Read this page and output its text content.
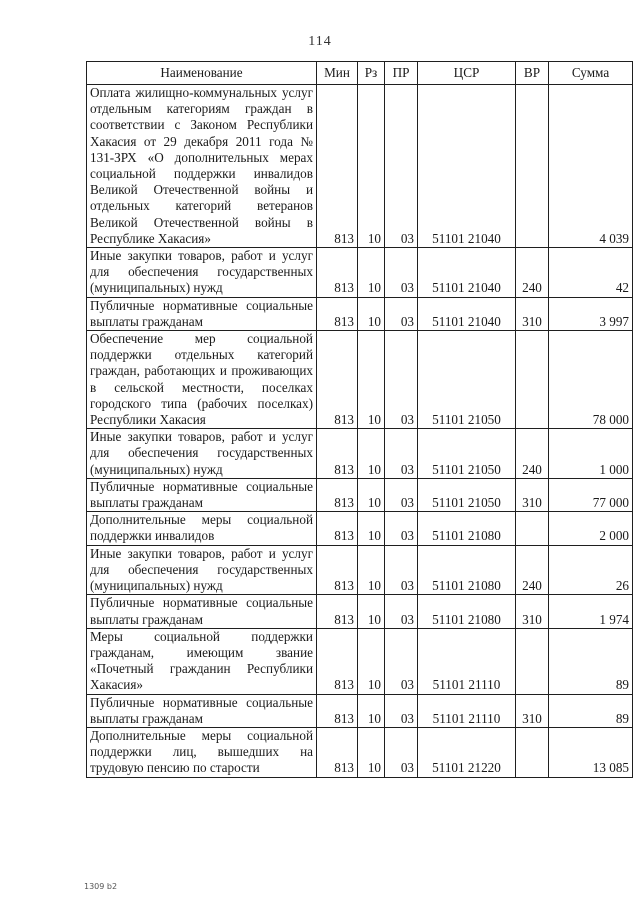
114
Наименование	Мин	Рз	ПР	ЦСР	ВР	Сумма
Оплата жилищно-коммунальных услуг отдельным категориям граждан в соответствии с Законом Республики Хакасия от 29 декабря 2011 года № 131-ЗРХ «О дополнительных мерах социальной поддержки инвалидов Великой Отечественной войны и отдельных категорий ветеранов Великой Отечественной войны в Республике Хакасия»	813	10	03	51101 21040		4 039
Иные закупки товаров, работ и услуг для обеспечения государственных (муниципальных) нужд	813	10	03	51101 21040	240	42
Публичные нормативные социальные выплаты гражданам	813	10	03	51101 21040	310	3 997
Обеспечение мер социальной поддержки отдельных категорий граждан, работающих и проживающих в сельской местности, поселках городского типа (рабочих поселках) Республики Хакасия	813	10	03	51101 21050		78 000
Иные закупки товаров, работ и услуг для обеспечения государственных (муниципальных) нужд	813	10	03	51101 21050	240	1 000
Публичные нормативные социальные выплаты гражданам	813	10	03	51101 21050	310	77 000
Дополнительные меры социальной поддержки инвалидов	813	10	03	51101 21080		2 000
Иные закупки товаров, работ и услуг для обеспечения государственных (муниципальных) нужд	813	10	03	51101 21080	240	26
Публичные нормативные социальные выплаты гражданам	813	10	03	51101 21080	310	1 974
Меры социальной поддержки гражданам, имеющим звание «Почетный гражданин Республики Хакасия»	813	10	03	51101 21110		89
Публичные нормативные социальные выплаты гражданам	813	10	03	51101 21110	310	89
Дополнительные меры социальной поддержки лиц, вышедших на трудовую пенсию по старости	813	10	03	51101 21220		13 085
1309 b2
